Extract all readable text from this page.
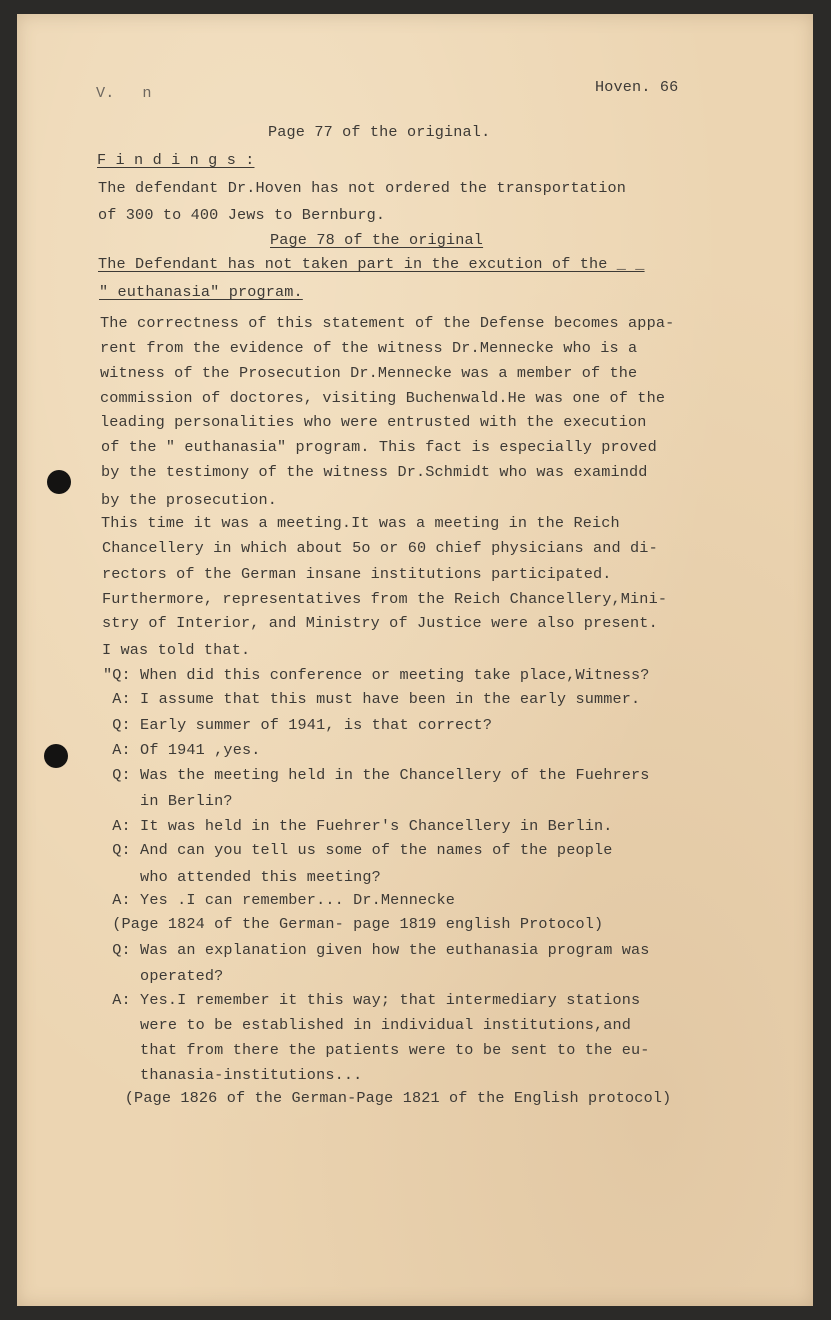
V.   n	Hoven. 66

Page 77 of the original.

F i n d i n g s :

The defendant Dr.Hoven has not ordered the transportation

of 300 to 400 Jews to Bernburg.

Page 78 of the original

The Defendant has not taken part in the excution of the _ _

" euthanasia" program.

The correctness of this statement of the Defense becomes appa-

rent from the evidence of the witness Dr.Mennecke who is a

witness of the Prosecution Dr.Mennecke was a member of the

commission of doctores, visiting Buchenwald.He was one of the

leading personalities who were entrusted with the execution

of the " euthanasia" program. This fact is especially proved

by the testimony of the witness Dr.Schmidt who was examindd

by the prosecution.

This time it was a meeting.It was a meeting in the Reich

Chancellery in which about 5o or 60 chief physicians and di-

rectors of the German insane institutions participated.

Furthermore, representatives from the Reich Chancellery,Mini-

stry of Interior, and Ministry of Justice were also present.

I was told that.

"Q: When did this conference or meeting take place,Witness?

A: I assume that this must have been in the early summer.

Q: Early summer of 1941, is that correct?

A: Of 1941 ,yes.

Q: Was the meeting held in the Chancellery of the Fuehrers

in Berlin?

A: It was held in the Fuehrer's Chancellery in Berlin.

Q: And can you tell us some of the names of the people

who attended this meeting?

A: Yes .I can remember... Dr.Mennecke

(Page 1824 of the German- page 1819 english Protocol)

Q: Was an explanation given how the euthanasia program was

operated?

A: Yes.I remember it this way; that intermediary stations

were to be established in individual institutions,and

that from there the patients were to be sent to the eu-

thanasia-institutions...

(Page 1826 of the German-Page 1821 of the English protocol)
